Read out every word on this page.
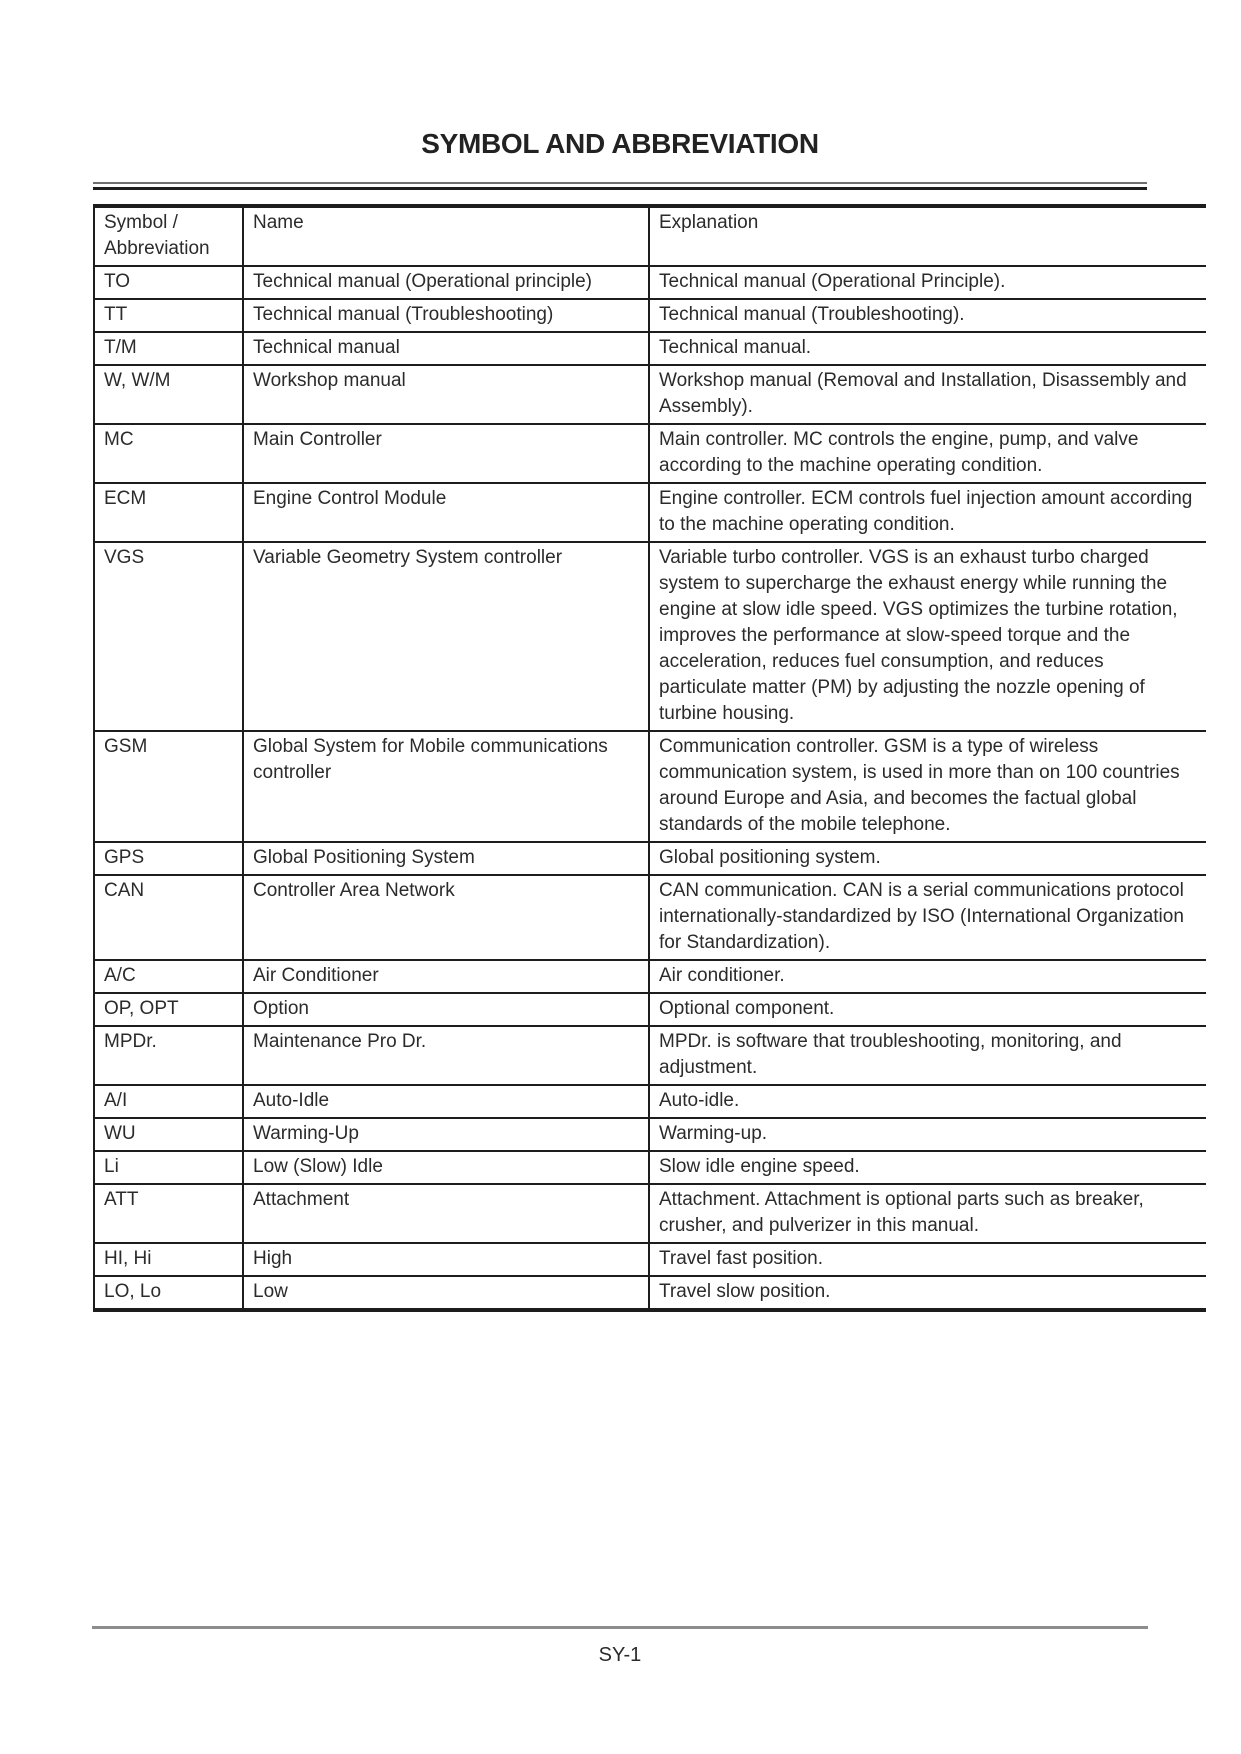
SYMBOL AND ABBREVIATION
Symbol / Abbreviation	Name	Explanation
TO	Technical manual (Operational principle)	Technical manual (Operational Principle).
TT	Technical manual (Troubleshooting)	Technical manual (Troubleshooting).
T/M	Technical manual	Technical manual.
W, W/M	Workshop manual	Workshop manual (Removal and Installation, Disassembly and Assembly).
MC	Main Controller	Main controller. MC controls the engine, pump, and valve according to the machine operating condition.
ECM	Engine Control Module	Engine controller. ECM controls fuel injection amount according to the machine operating condition.
VGS	Variable Geometry System controller	Variable turbo controller. VGS is an exhaust turbo charged system to supercharge the exhaust energy while running the engine at slow idle speed. VGS optimizes the turbine rotation, improves the performance at slow-speed torque and the acceleration, reduces fuel consumption, and reduces particulate matter (PM) by adjusting the nozzle opening of turbine housing.
GSM	Global System for Mobile communications controller	Communication controller. GSM is a type of wireless communication system, is used in more than on 100 countries around Europe and Asia, and becomes the factual global standards of the mobile telephone.
GPS	Global Positioning System	Global positioning system.
CAN	Controller Area Network	CAN communication. CAN is a serial communications protocol internationally-standardized by ISO (International Organization for Standardization).
A/C	Air Conditioner	Air conditioner.
OP, OPT	Option	Optional component.
MPDr.	Maintenance Pro Dr.	MPDr. is software that troubleshooting, monitoring, and adjustment.
A/I	Auto-Idle	Auto-idle.
WU	Warming-Up	Warming-up.
Li	Low (Slow) Idle	Slow idle engine speed.
ATT	Attachment	Attachment. Attachment is optional parts such as breaker, crusher, and pulverizer in this manual.
HI, Hi	High	Travel fast position.
LO, Lo	Low	Travel slow position.
SY-1
